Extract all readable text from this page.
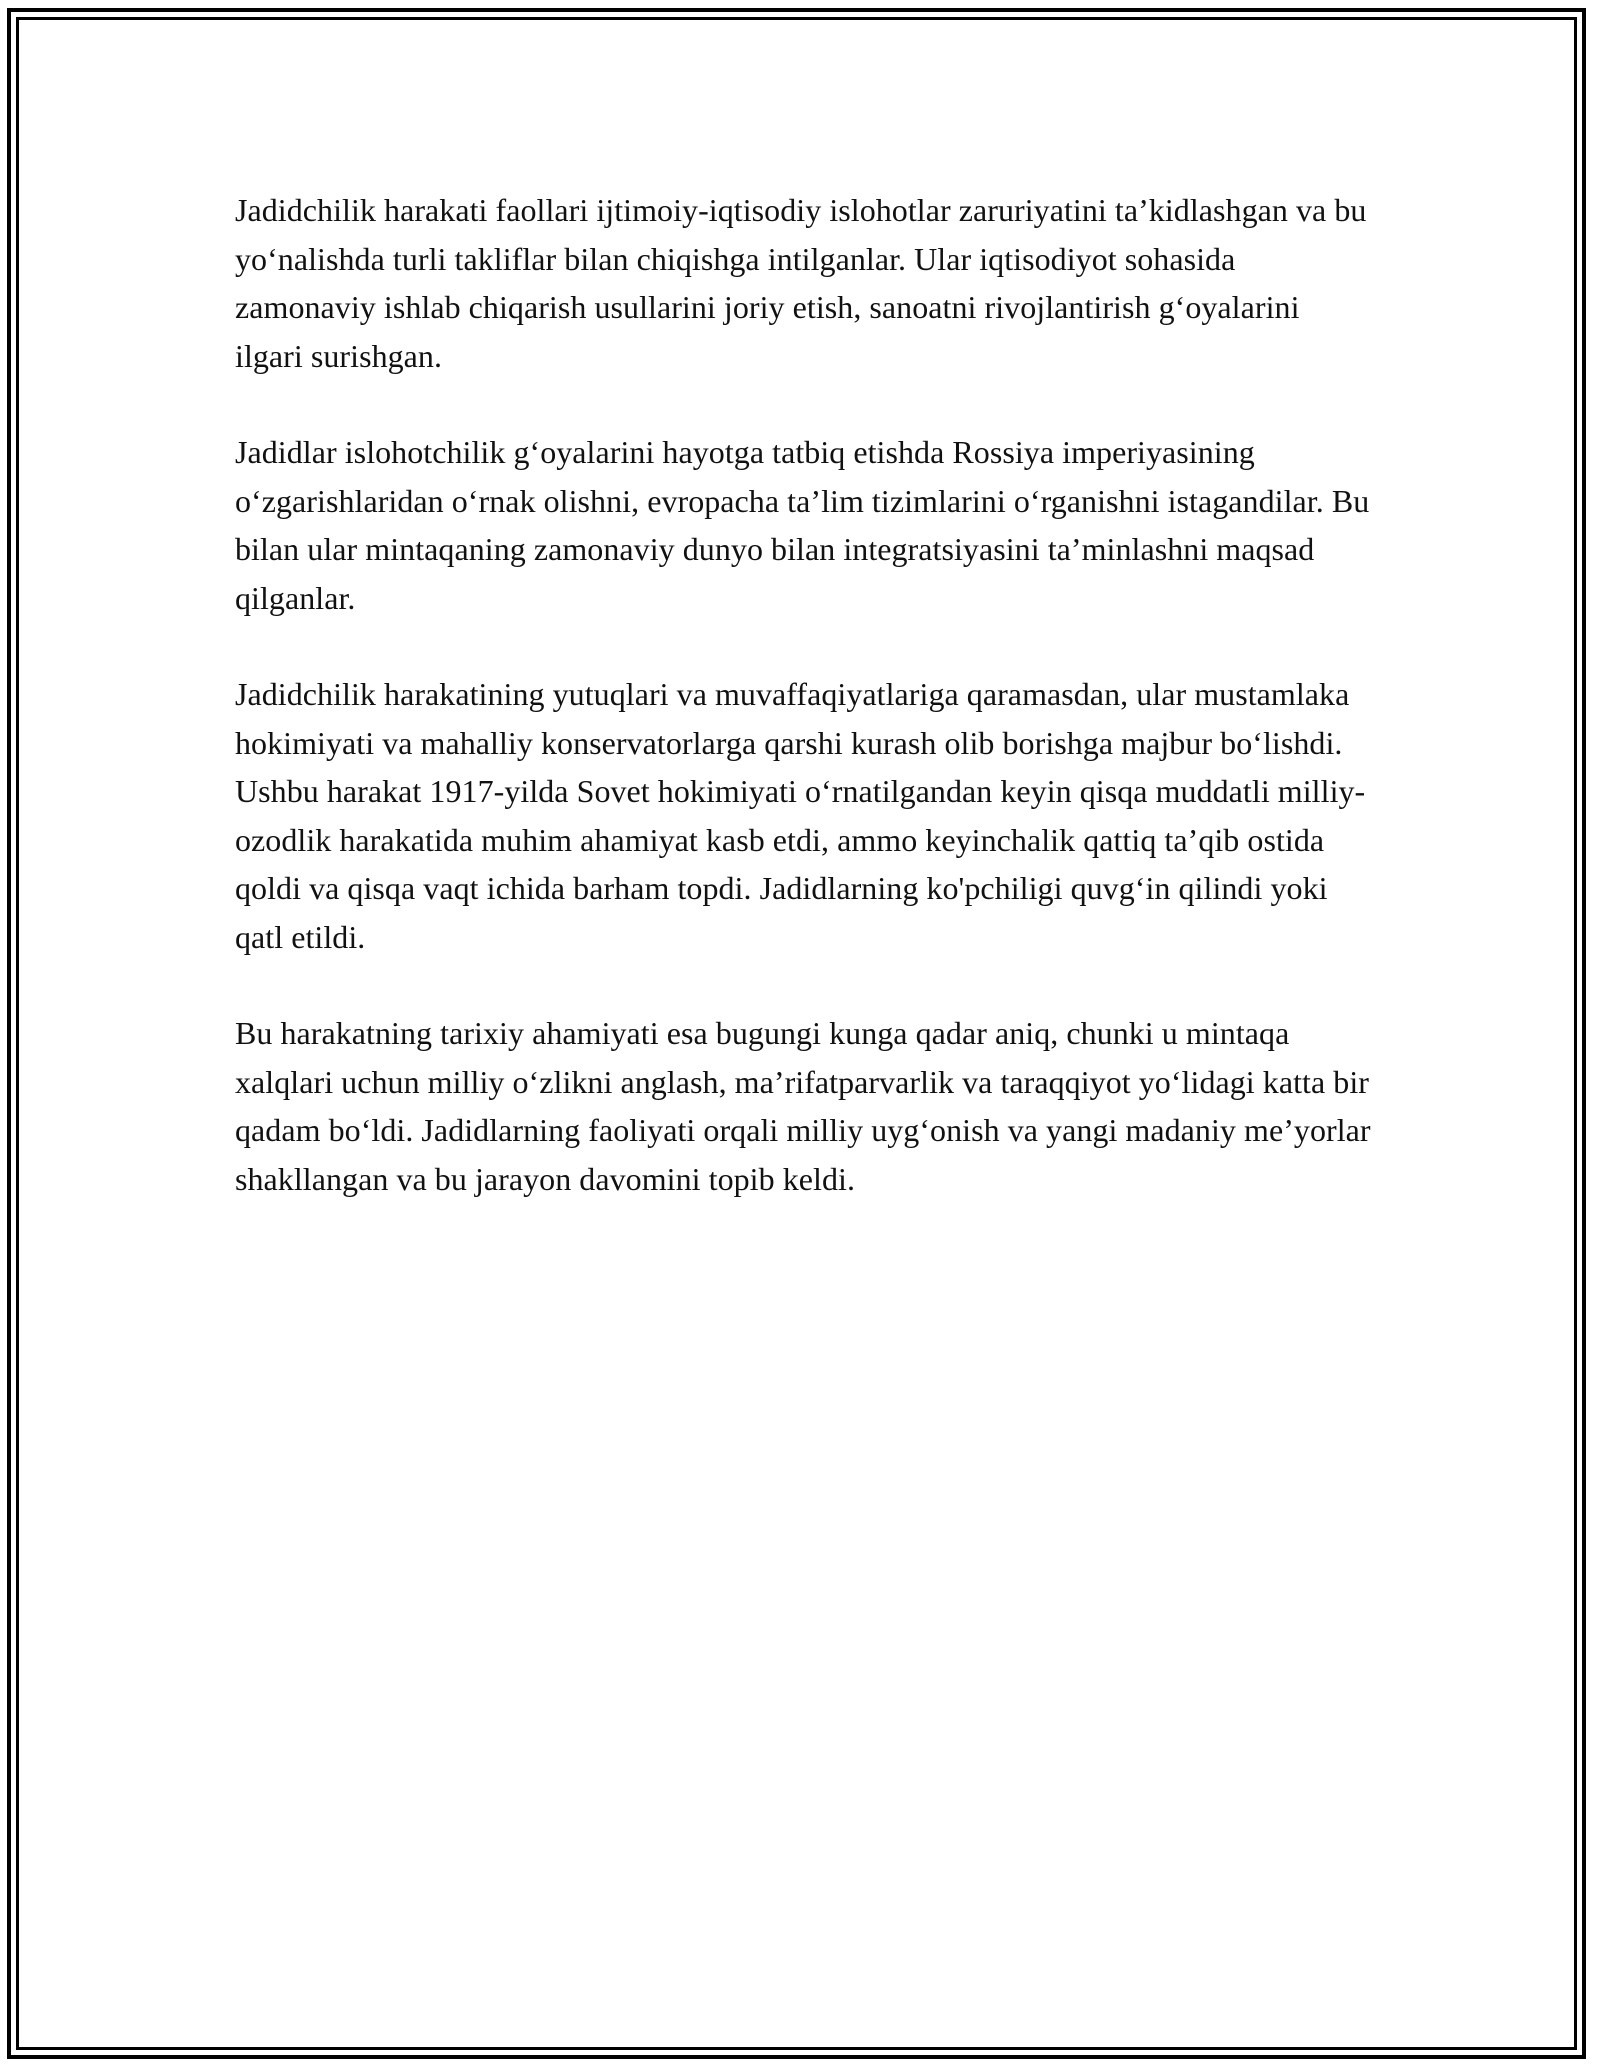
Jadidchilik harakati faollari ijtimoiy-iqtisodiy islohotlar zaruriyatini ta’kidlashgan va bu yo‘nalishda turli takliflar bilan chiqishga intilganlar. Ular iqtisodiyot sohasida zamonaviy ishlab chiqarish usullarini joriy etish, sanoatni rivojlantirish g‘oyalarini ilgari surishgan.

Jadidlar islohotchilik g‘oyalarini hayotga tatbiq etishda Rossiya imperiyasining o‘zgarishlaridan o‘rnak olishni, evropacha ta’lim tizimlarini o‘rganishni istagandilar. Bu bilan ular mintaqaning zamonaviy dunyo bilan integratsiyasini ta’minlashni maqsad qilganlar.

Jadidchilik harakatining yutuqlari va muvaffaqiyatlariga qaramasdan, ular mustamlaka hokimiyati va mahalliy konservatorlarga qarshi kurash olib borishga majbur bo‘lishdi. Ushbu harakat 1917-yilda Sovet hokimiyati o‘rnatilgandan keyin qisqa muddatli milliy-ozodlik harakatida muhim ahamiyat kasb etdi, ammo keyinchalik qattiq ta’qib ostida qoldi va qisqa vaqt ichida barham topdi. Jadidlarning ko'pchiligi quvg‘in qilindi yoki qatl etildi.

Bu harakatning tarixiy ahamiyati esa bugungi kunga qadar aniq, chunki u mintaqa xalqlari uchun milliy o‘zlikni anglash, ma’rifatparvarlik va taraqqiyot yo‘lidagi katta bir qadam bo‘ldi. Jadidlarning faoliyati orqali milliy uyg‘onish va yangi madaniy me’yorlar shakllangan va bu jarayon davomini topib keldi.
